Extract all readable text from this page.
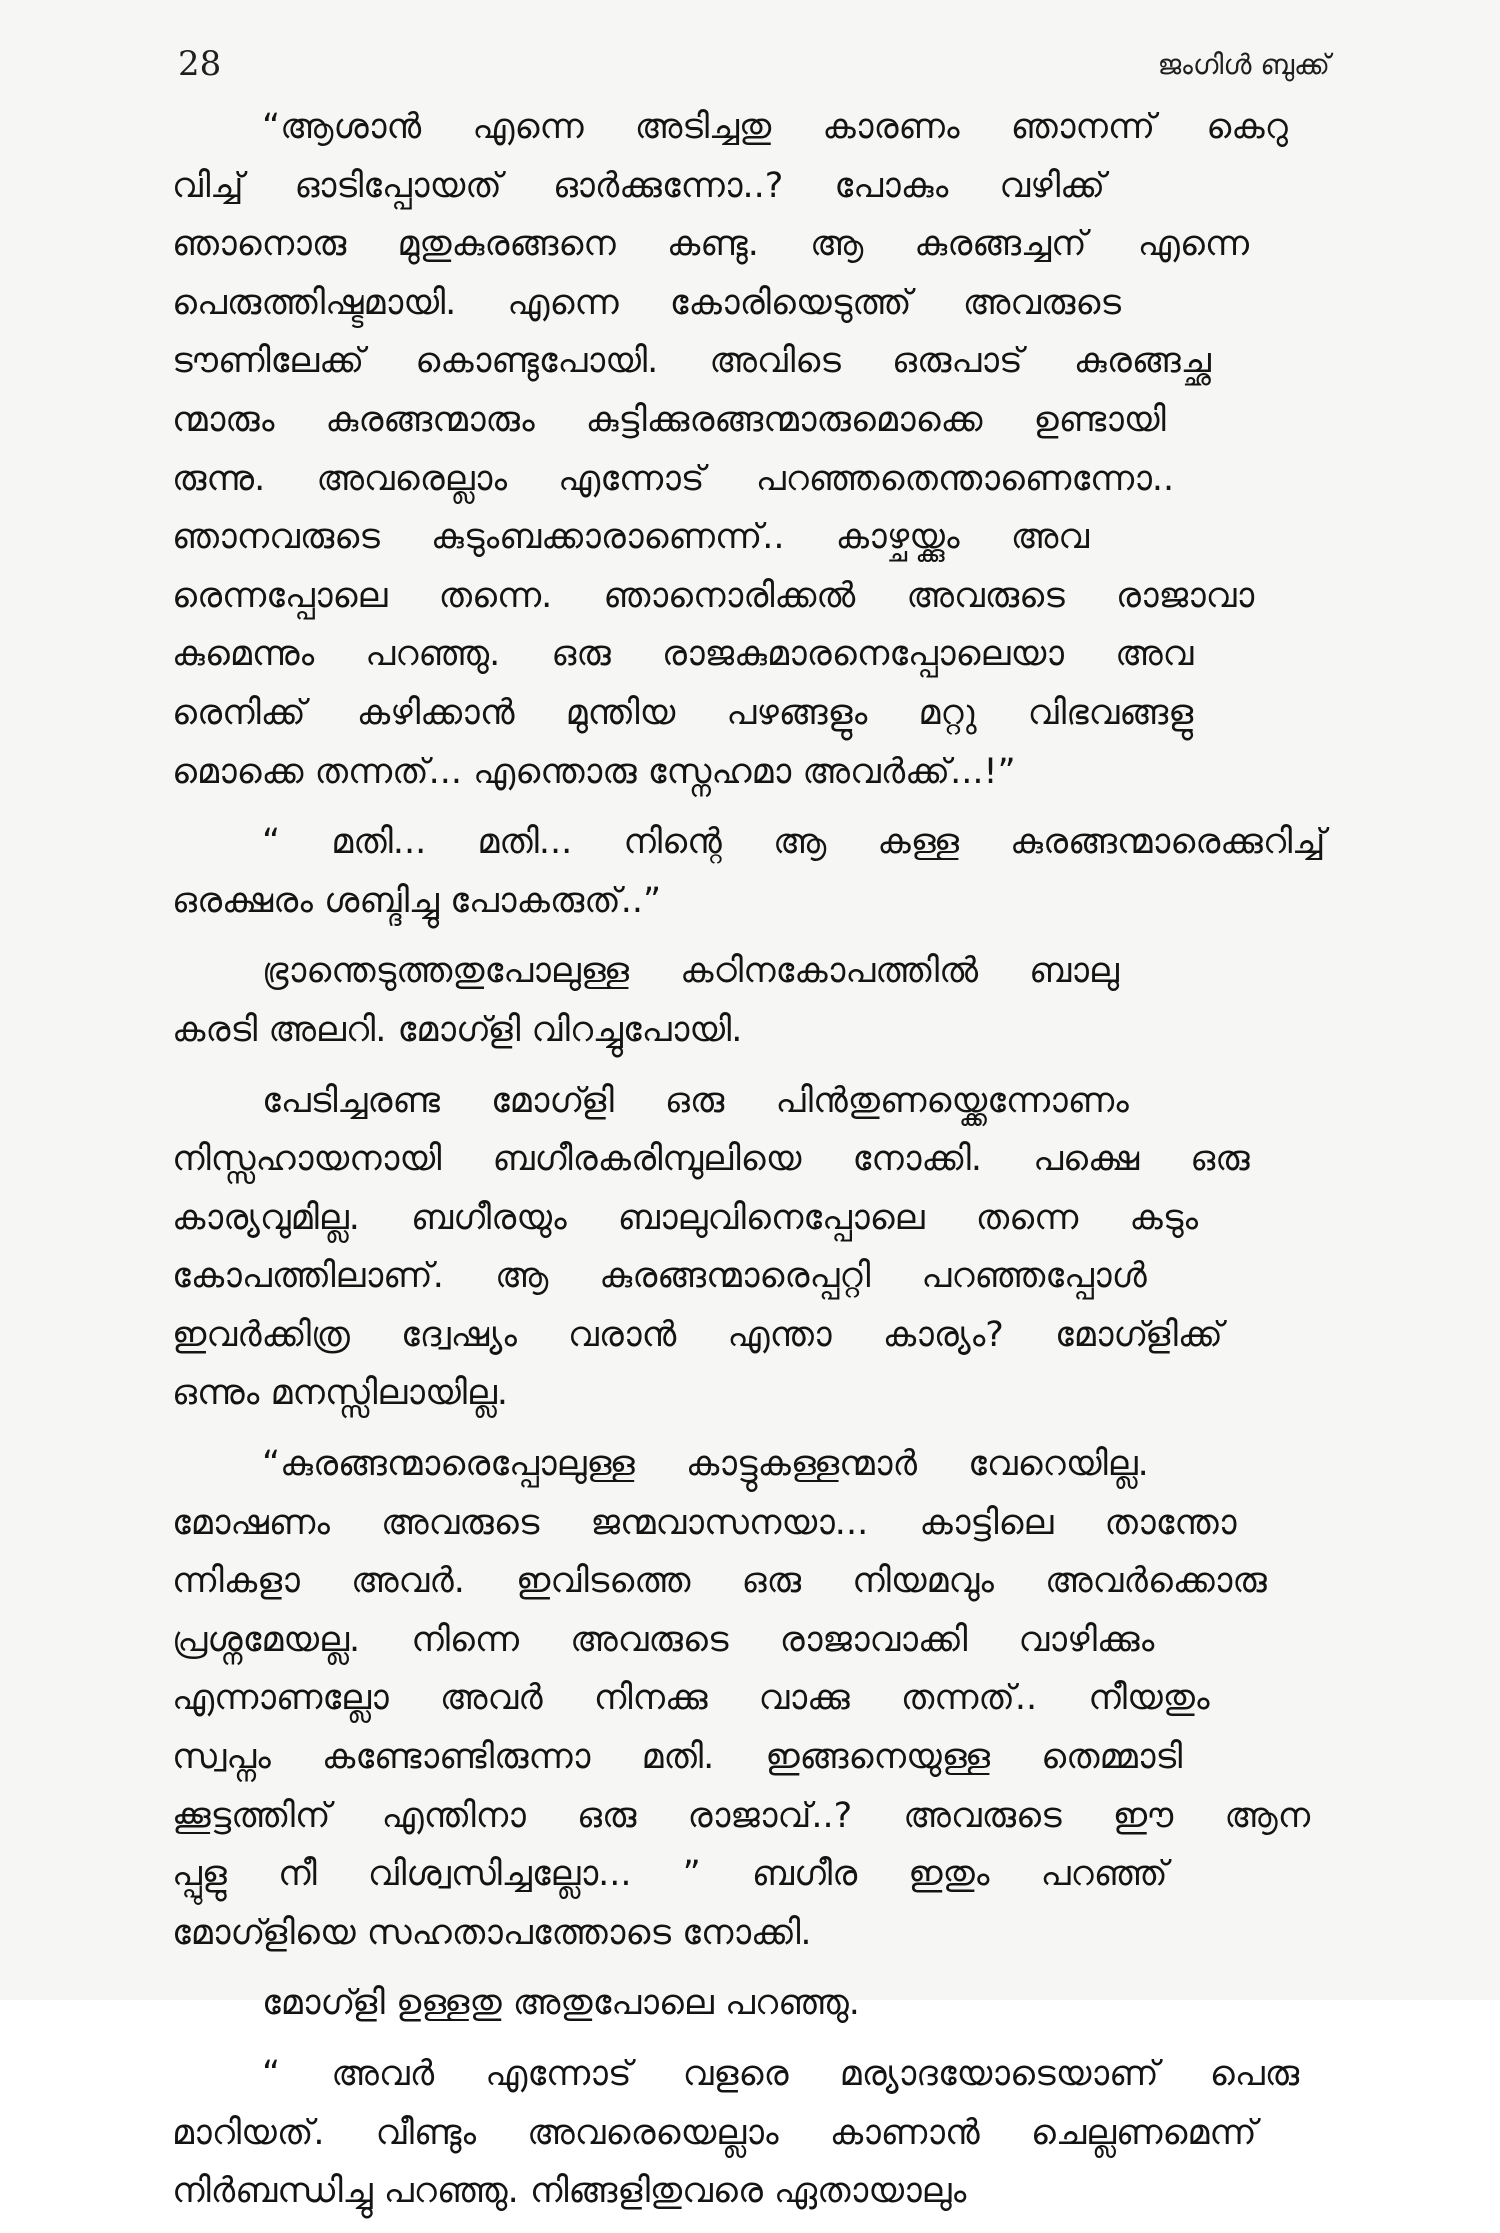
28	ജംഗിൾ ബുക്ക്
“ആശാൻ എന്നെ അടിച്ചതു കാരണം ഞാനന്ന് കെറു
വിച്ച് ഓടിപ്പോയത് ഓർക്കുന്നോ..? പോകും വഴിക്ക്
ഞാനൊരു മുതുകുരങ്ങനെ കണ്ടു. ആ കുരങ്ങച്ചന് എന്നെ
പെരുത്തിഷ്ടമായി. എന്നെ കോരിയെടുത്ത് അവരുടെ
ടൗണിലേക്ക് കൊണ്ടുപോയി. അവിടെ ഒരുപാട് കുരങ്ങച്ഛ
ന്മാരും കുരങ്ങന്മാരും കുട്ടിക്കുരങ്ങന്മാരുമൊക്കെ ഉണ്ടായി
രുന്നു. അവരെല്ലാം എന്നോട് പറഞ്ഞതെന്താണെന്നോ..
ഞാനവരുടെ കുടുംബക്കാരാണെന്ന്.. കാഴ്ചയ്ക്കും അവ
രെന്നപ്പോലെ തന്നെ. ഞാനൊരിക്കൽ അവരുടെ രാജാവാ
കുമെന്നും പറഞ്ഞു. ഒരു രാജകുമാരനെപ്പോലെയാ അവ
രെനിക്ക് കഴിക്കാൻ മുന്തിയ പഴങ്ങളും മറ്റു വിഭവങ്ങളു
മൊക്കെ തന്നത്... എന്തൊരു സ്നേഹമാ അവർക്ക്...!”
“ മതി... മതി... നിന്റെ ആ കള്ള കുരങ്ങന്മാരെക്കുറിച്ച്
ഒരക്ഷരം ശബ്ദിച്ചു പോകരുത്..”
ഭ്രാന്തെടുത്തതുപോലുള്ള കഠിനകോപത്തിൽ ബാലു
കരടി അലറി. മോഗ്ളി വിറച്ചുപോയി.
പേടിച്ചരണ്ട മോഗ്ളി ഒരു പിൻതുണയ്ക്കെന്നോണം
നിസ്സഹായനായി ബഗീരകരിമ്പുലിയെ നോക്കി. പക്ഷെ ഒരു
കാര്യവുമില്ല. ബഗീരയും ബാലുവിനെപ്പോലെ തന്നെ കടും
കോപത്തിലാണ്. ആ കുരങ്ങന്മാരെപ്പറ്റി പറഞ്ഞപ്പോൾ
ഇവർക്കിത്ര ദ്വേഷ്യം വരാൻ എന്താ കാര്യം? മോഗ്ളിക്ക്
ഒന്നും മനസ്സിലായില്ല.
“കുരങ്ങന്മാരെപ്പോലുള്ള കാട്ടുകള്ളന്മാർ വേറെയില്ല.
മോഷണം അവരുടെ ജന്മവാസനയാ... കാട്ടിലെ താന്തോ
ന്നികളാ അവർ. ഇവിടത്തെ ഒരു നിയമവും അവർക്കൊരു
പ്രശ്നമേയല്ല. നിന്നെ അവരുടെ രാജാവാക്കി വാഴിക്കും
എന്നാണല്ലോ അവർ നിനക്കു വാക്കു തന്നത്.. നീയതും
സ്വപ്നം കണ്ടോണ്ടിരുന്നാ മതി. ഇങ്ങനെയുള്ള തെമ്മാടി
ക്കൂട്ടത്തിന് എന്തിനാ ഒരു രാജാവ്..? അവരുടെ ഈ ആന
പ്പുളു നീ വിശ്വസിച്ചല്ലോ... ” ബഗീര ഇതും പറഞ്ഞ്
മോഗ്ളിയെ സഹതാപത്തോടെ നോക്കി.
മോഗ്ളി ഉള്ളതു അതുപോലെ പറഞ്ഞു.
“ അവർ എന്നോട് വളരെ മര്യാദയോടെയാണ് പെരു
മാറിയത്. വീണ്ടും അവരെയെല്ലാം കാണാൻ ചെല്ലണമെന്ന്
നിർബന്ധിച്ചു പറഞ്ഞു. നിങ്ങളിതുവരെ ഏതായാലും
